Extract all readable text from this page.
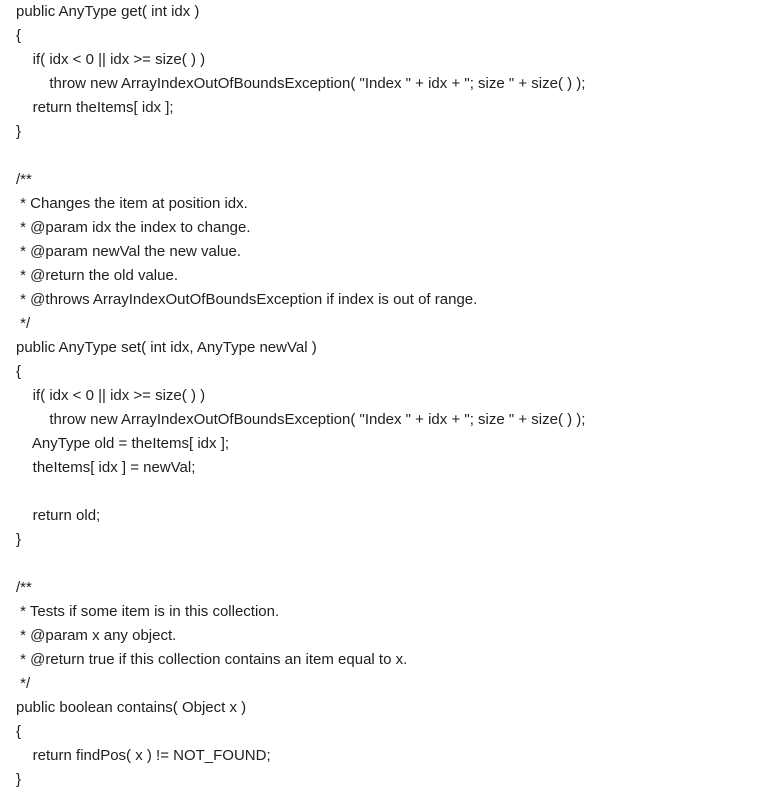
public AnyType get( int idx )
{
if( idx < 0 || idx >= size( ) )
throw new ArrayIndexOutOfBoundsException( "Index " + idx + "; size " + size( ) );
return theItems[ idx ];
}
/**
* Changes the item at position idx.
* @param idx the index to change.
* @param newVal the new value.
* @return the old value.
* @throws ArrayIndexOutOfBoundsException if index is out of range.
*/
public AnyType set( int idx, AnyType newVal )
{
if( idx < 0 || idx >= size( ) )
throw new ArrayIndexOutOfBoundsException( "Index " + idx + "; size " + size( ) );
AnyType old = theItems[ idx ];
theItems[ idx ] = newVal;
return old;
}
/**
* Tests if some item is in this collection.
* @param x any object.
* @return true if this collection contains an item equal to x.
*/
public boolean contains( Object x )
{
return findPos( x ) != NOT_FOUND;
}
